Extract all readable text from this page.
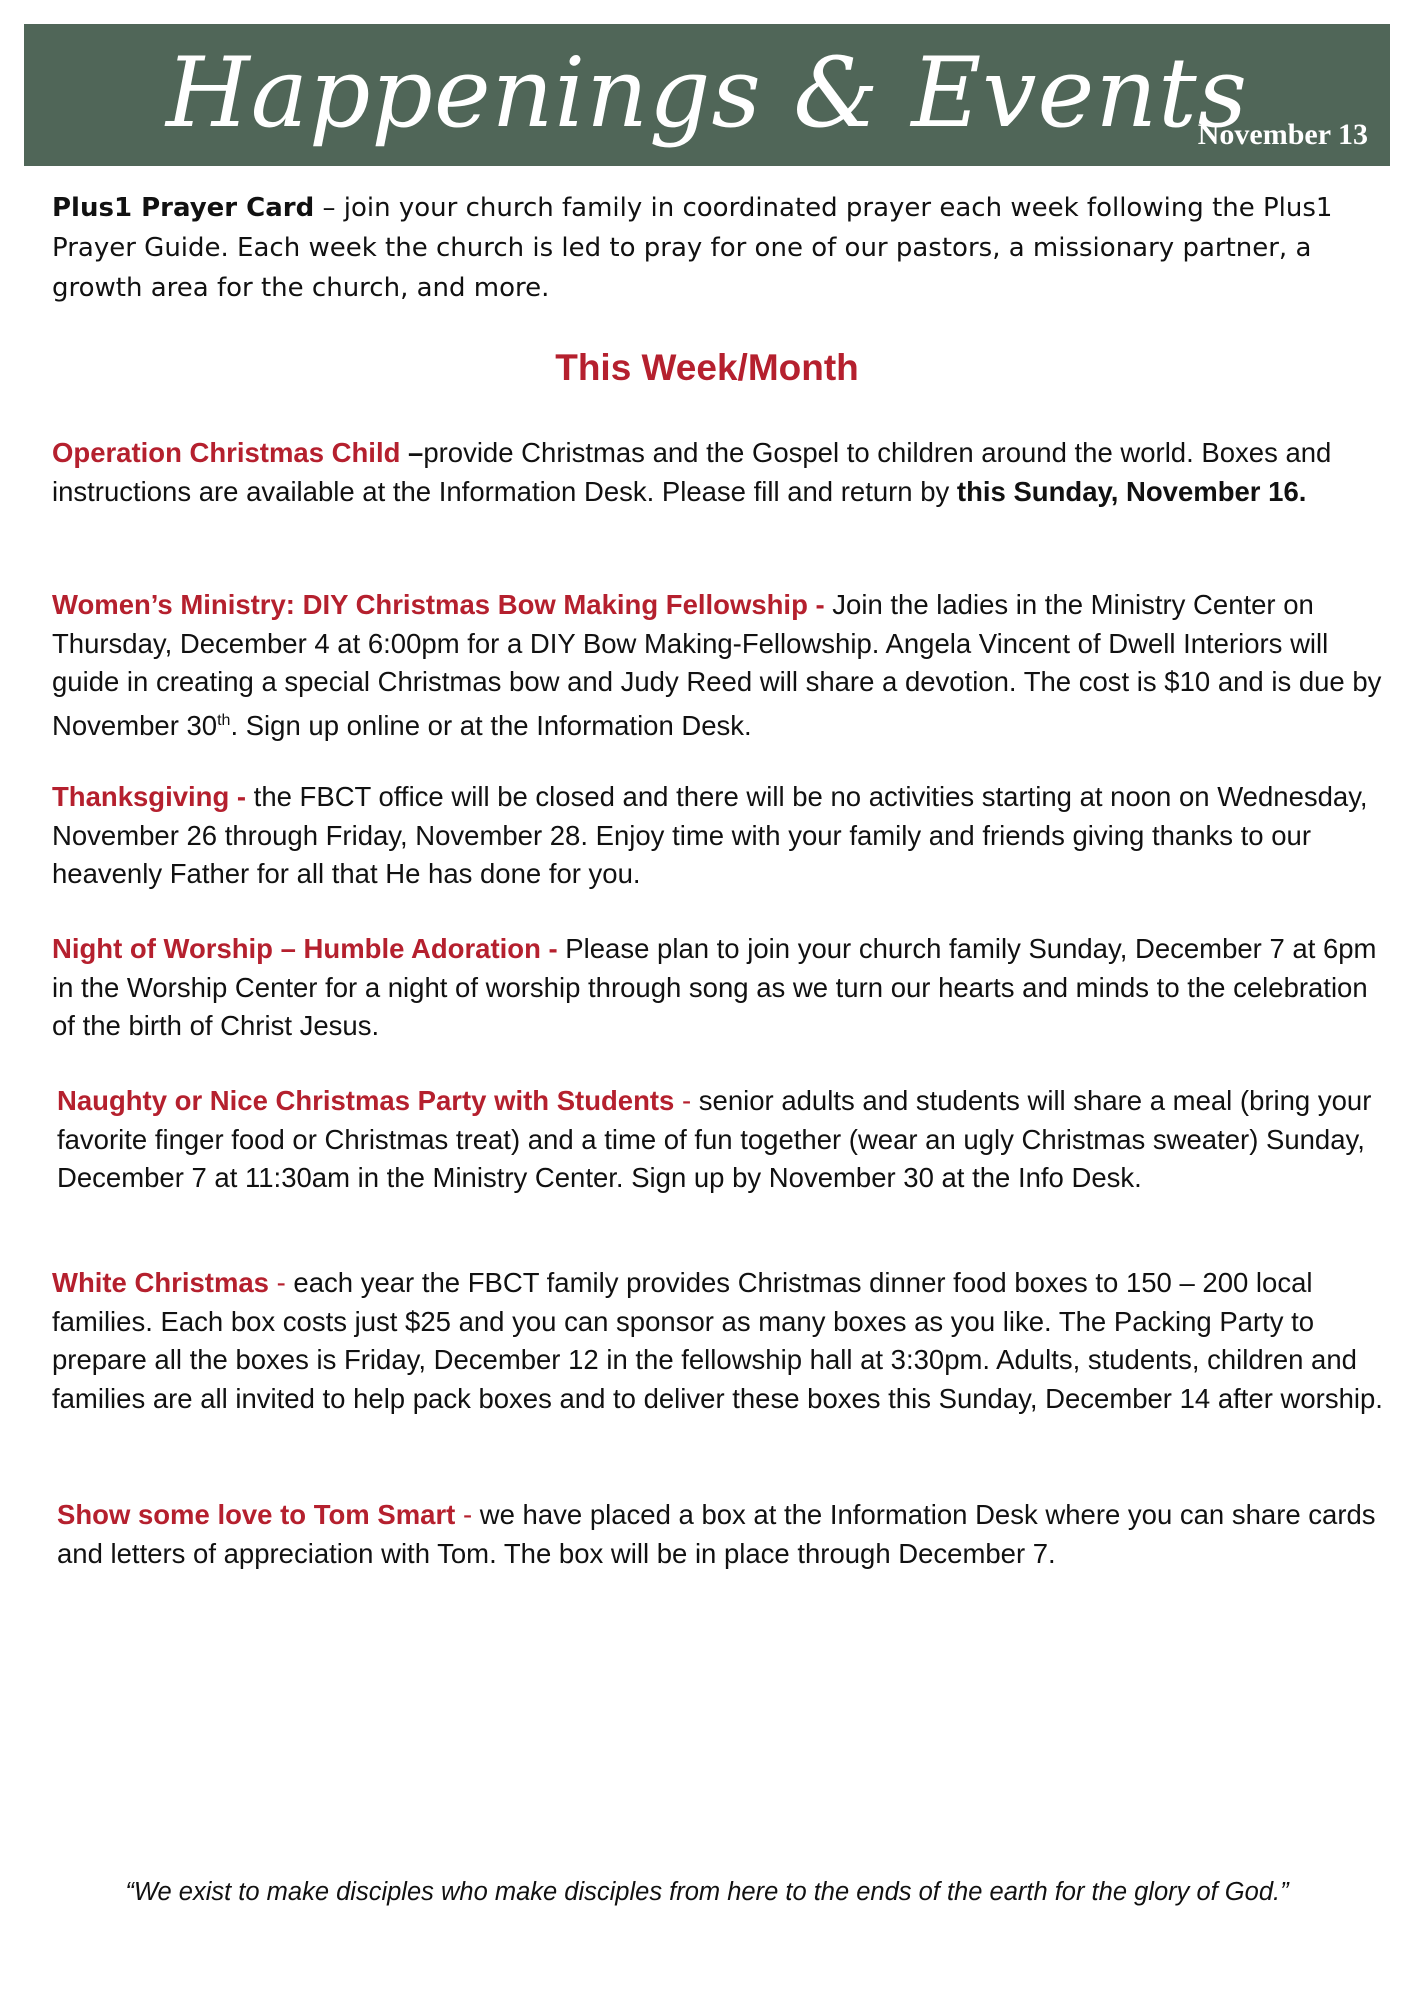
Happenings & Events
November 13

Plus1 Prayer Card – join your church family in coordinated prayer each week following the Plus1 Prayer Guide. Each week the church is led to pray for one of our pastors, a missionary partner, a growth area for the church, and more.

This Week/Month

Operation Christmas Child –provide Christmas and the Gospel to children around the world. Boxes and instructions are available at the Information Desk. Please fill and return by this Sunday, November 16.

Women’s Ministry: DIY Christmas Bow Making Fellowship - Join the ladies in the Ministry Center on Thursday, December 4 at 6:00pm for a DIY Bow Making-Fellowship. Angela Vincent of Dwell Interiors will guide in creating a special Christmas bow and Judy Reed will share a devotion. The cost is $10 and is due by November 30th. Sign up online or at the Information Desk.

Thanksgiving - the FBCT office will be closed and there will be no activities starting at noon on Wednesday, November 26 through Friday, November 28. Enjoy time with your family and friends giving thanks to our heavenly Father for all that He has done for you.

Night of Worship – Humble Adoration - Please plan to join your church family Sunday, December 7 at 6pm in the Worship Center for a night of worship through song as we turn our hearts and minds to the celebration of the birth of Christ Jesus.

Naughty or Nice Christmas Party with Students - senior adults and students will share a meal (bring your favorite finger food or Christmas treat) and a time of fun together (wear an ugly Christmas sweater) Sunday, December 7 at 11:30am in the Ministry Center. Sign up by November 30 at the Info Desk.

White Christmas - each year the FBCT family provides Christmas dinner food boxes to 150 – 200 local families. Each box costs just $25 and you can sponsor as many boxes as you like. The Packing Party to prepare all the boxes is Friday, December 12 in the fellowship hall at 3:30pm. Adults, students, children and families are all invited to help pack boxes and to deliver these boxes this Sunday, December 14 after worship.

Show some love to Tom Smart - we have placed a box at the Information Desk where you can share cards and letters of appreciation with Tom. The box will be in place through December 7.

“We exist to make disciples who make disciples from here to the ends of the earth for the glory of God.”
